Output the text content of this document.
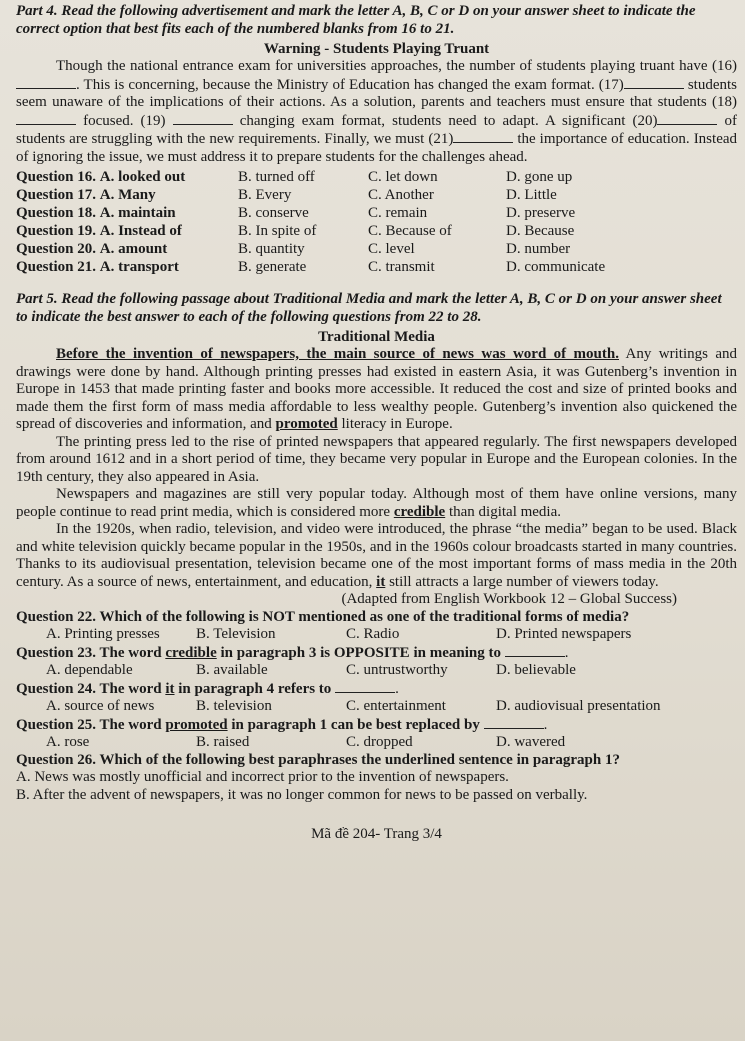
Part 4. Read the following advertisement and mark the letter A, B, C or D on your answer sheet to indicate the correct option that best fits each of the numbered blanks from 16 to 21.

Warning - Students Playing Truant

Though the national entrance exam for universities approaches, the number of students playing truant have (16). This is concerning, because the Ministry of Education has changed the exam format. (17)	students seem unaware of the implications of their actions. As a solution, parents and teachers must ensure that students (18) focused. (19)	changing exam format, students need to adapt. A significant (20)	of students are struggling with the new requirements. Finally, we must (21)	the importance of education. Instead of ignoring the issue, we must address it to prepare students for the challenges ahead.

Question 16. A. looked out	B. turned off	C. let down	D. gone up
Question 17. A. Many	B. Every	C. Another	D. Little
Question 18. A. maintain	B. conserve	C. remain	D. preserve
Question 19. A. Instead of	B. In spite of	C. Because of	D. Because
Question 20. A. amount	B. quantity	C. level	D. number
Question 21. A. transport	B. generate	C. transmit	D. communicate

Part 5. Read the following passage about Traditional Media and mark the letter A, B, C or D on your answer sheet to indicate the best answer to each of the following questions from 22 to 28.

Traditional Media

Before the invention of newspapers, the main source of news was word of mouth. Any writings and drawings were done by hand. Although printing presses had existed in eastern Asia, it was Gutenberg’s invention in Europe in 1453 that made printing faster and books more accessible. It reduced the cost and size of printed books and made them the first form of mass media affordable to less wealthy people. Gutenberg’s invention also quickened the spread of discoveries and information, and promoted literacy in Europe.

The printing press led to the rise of printed newspapers that appeared regularly. The first newspapers developed from around 1612 and in a short period of time, they became very popular in Europe and the European colonies. In the 19th century, they also appeared in Asia.

Newspapers and magazines are still very popular today. Although most of them have online versions, many people continue to read print media, which is considered more credible than digital media.

In the 1920s, when radio, television, and video were introduced, the phrase “the media” began to be used. Black and white television quickly became popular in the 1950s, and in the 1960s colour broadcasts started in many countries. Thanks to its audiovisual presentation, television became one of the most important forms of mass media in the 20th century. As a source of news, entertainment, and education, it still attracts a large number of viewers today.

(Adapted from English Workbook 12 – Global Success)

Question 22. Which of the following is NOT mentioned as one of the traditional forms of media?

A. Printing presses	B. Television	C. Radio	D. Printed newspapers

Question 23. The word credible in paragraph 3 is OPPOSITE in meaning to	.

A. dependable	B. available	C. untrustworthy	D. believable

Question 24. The word it in paragraph 4 refers to	.

A. source of news	B. television	C. entertainment	D. audiovisual presentation

Question 25. The word promoted in paragraph 1 can be best replaced by	.

A. rose	B. raised	C. dropped	D. wavered

Question 26. Which of the following best paraphrases the underlined sentence in paragraph 1?

A. News was mostly unofficial and incorrect prior to the invention of newspapers.

B. After the advent of newspapers, it was no longer common for news to be passed on verbally.

Mã đề 204- Trang 3/4
